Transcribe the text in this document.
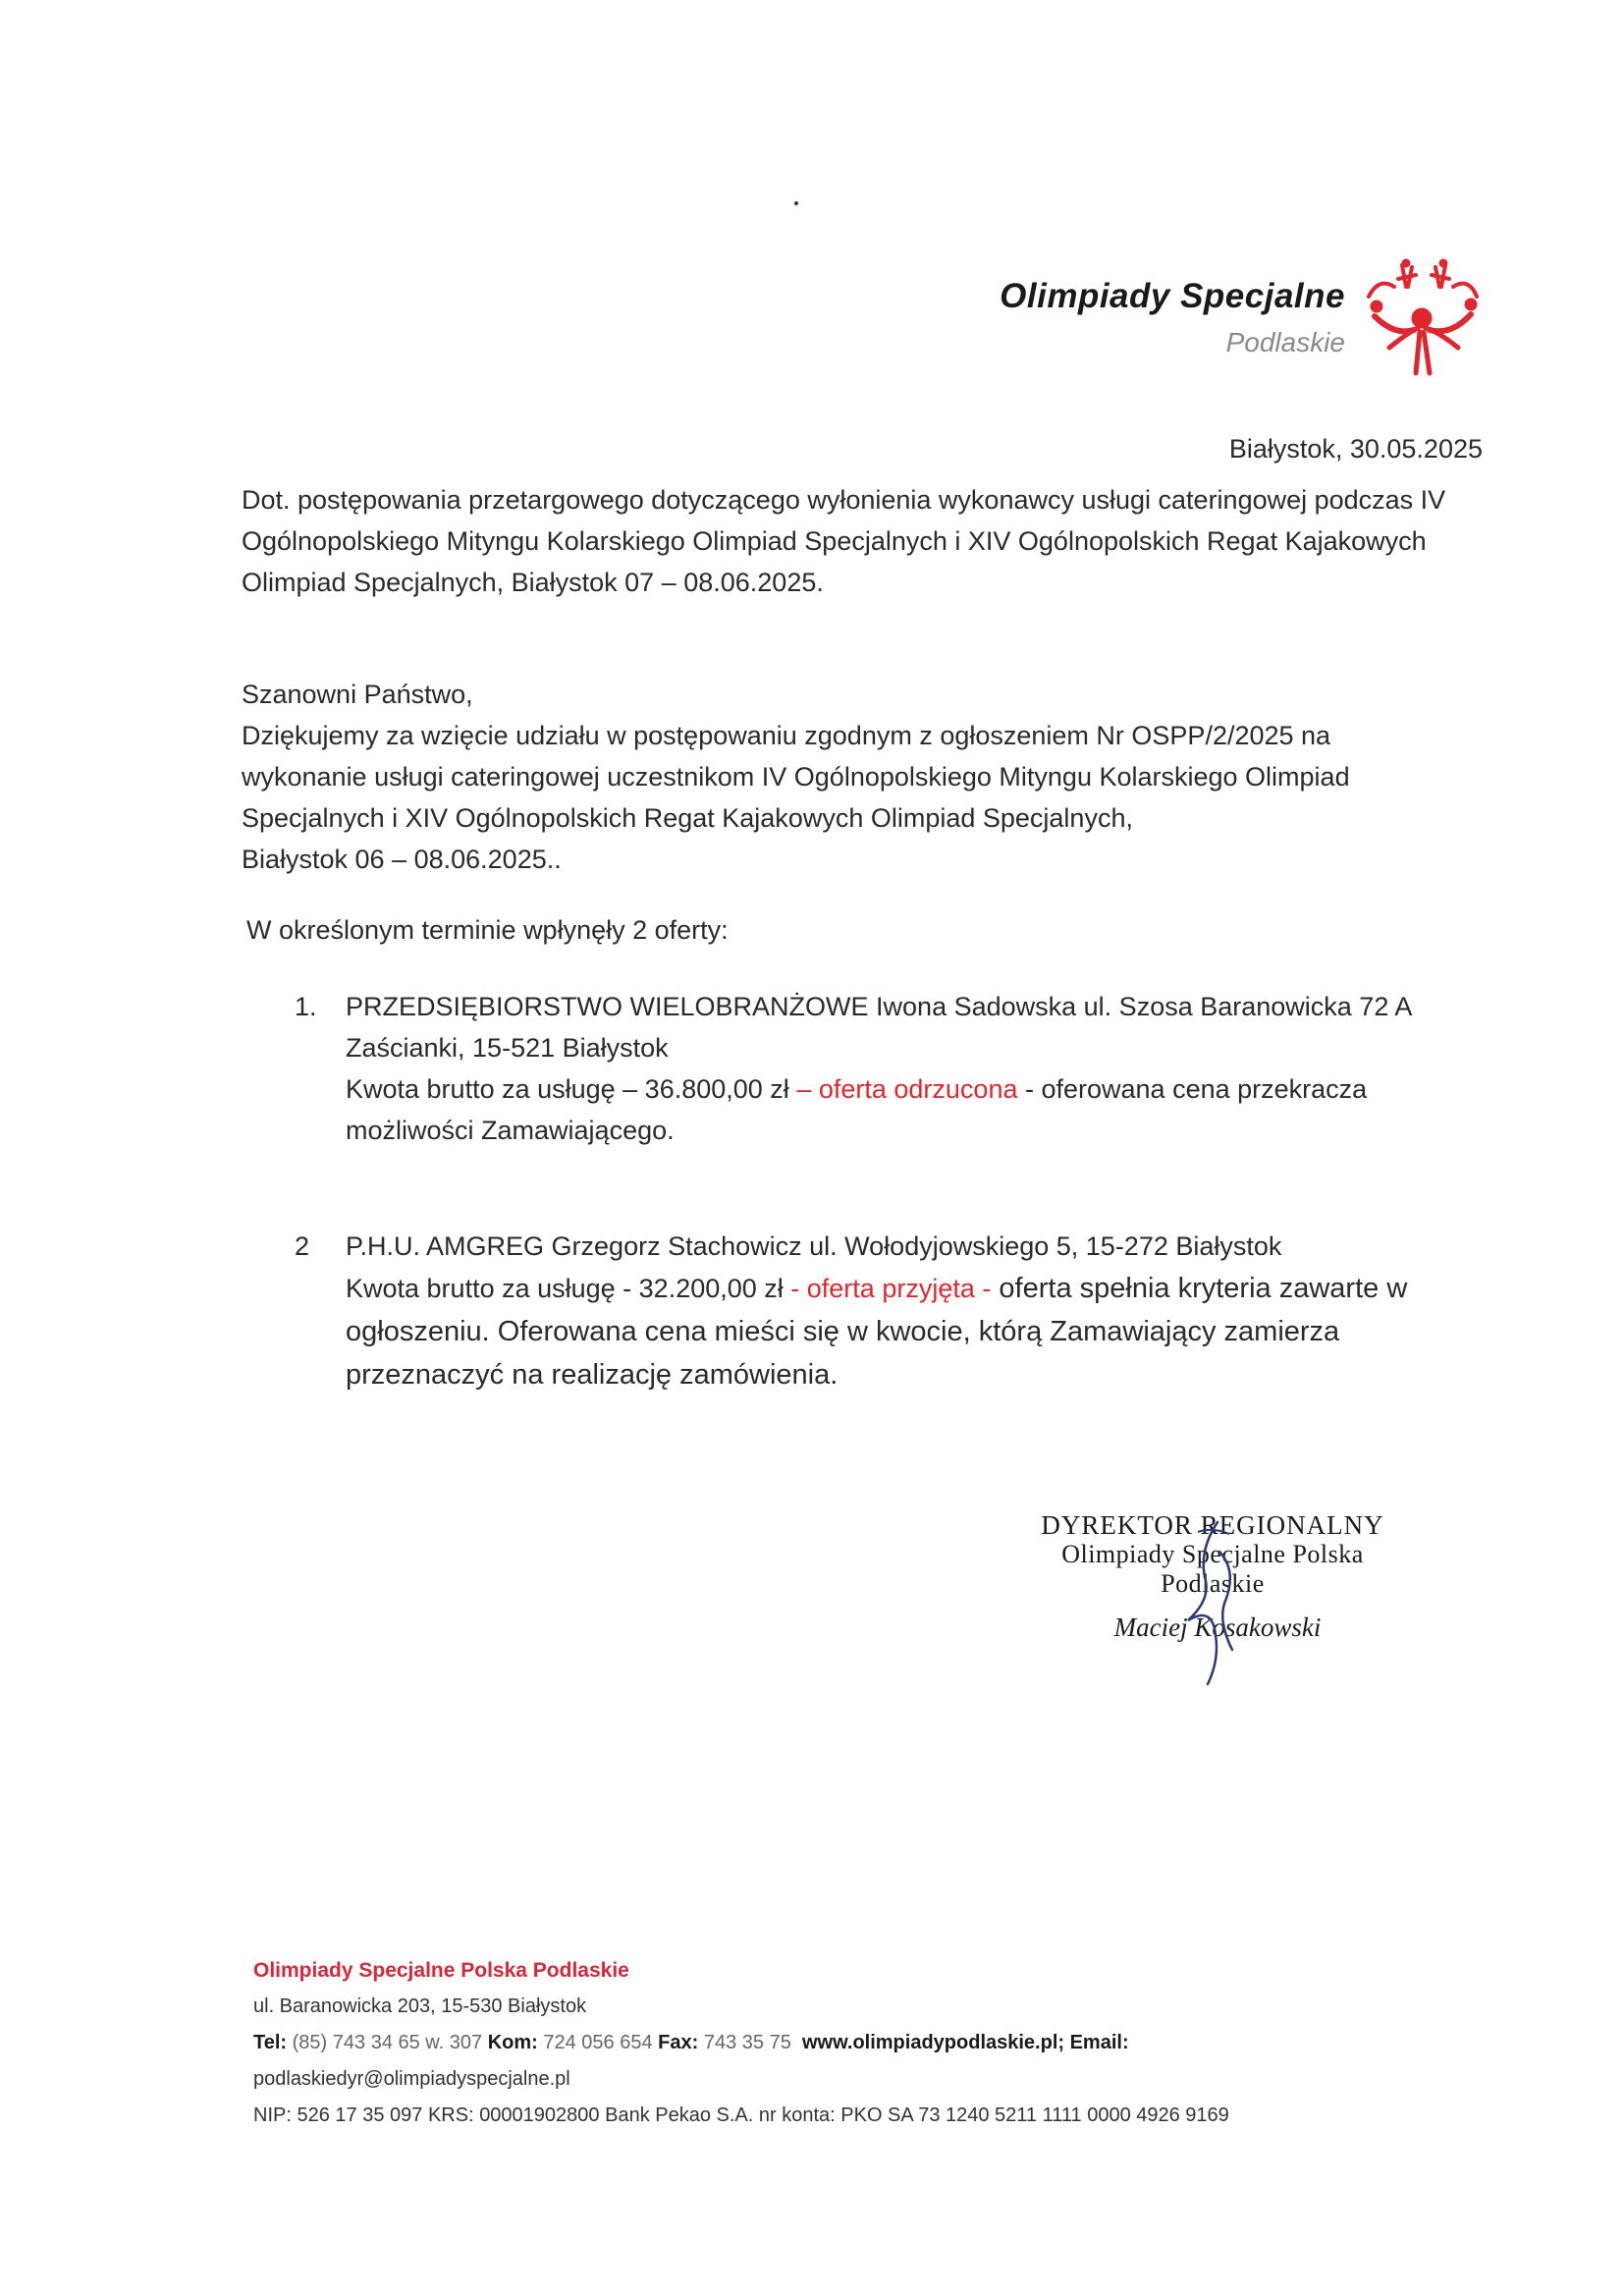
Olimpiady Specjalne
Podlaskie
Białystok, 30.05.2025
Dot. postępowania przetargowego dotyczącego wyłonienia wykonawcy usługi cateringowej podczas IV Ogólnopolskiego Mityngu Kolarskiego Olimpiad Specjalnych i XIV Ogólnopolskich Regat Kajakowych Olimpiad Specjalnych, Białystok 07 – 08.06.2025.
Szanowni Państwo,
Dziękujemy za wzięcie udziału w postępowaniu zgodnym z ogłoszeniem Nr OSPP/2/2025 na wykonanie usługi cateringowej uczestnikom IV Ogólnopolskiego Mityngu Kolarskiego Olimpiad Specjalnych i XIV Ogólnopolskich Regat Kajakowych Olimpiad Specjalnych,
Białystok 06 – 08.06.2025..
W określonym terminie wpłynęły 2 oferty:
1.	PRZEDSIĘBIORSTWO WIELOBRANŻOWE Iwona Sadowska ul. Szosa Baranowicka 72 A Zaścianki, 15-521 Białystok
Kwota brutto za usługę – 36.800,00 zł – oferta odrzucona - oferowana cena przekracza możliwości Zamawiającego.
2	P.H.U. AMGREG Grzegorz Stachowicz ul. Wołodyjowskiego 5, 15-272 Białystok
Kwota brutto za usługę - 32.200,00 zł - oferta przyjęta - oferta spełnia kryteria zawarte w ogłoszeniu. Oferowana cena mieści się w kwocie, którą Zamawiający zamierza przeznaczyć na realizację zamówienia.
DYREKTOR REGIONALNY
Olimpiady Specjalne Polska
Podlaskie
Maciej Kosakowski
Olimpiady Specjalne Polska Podlaskie
ul. Baranowicka 203, 15-530 Białystok
Tel: (85) 743 34 65 w. 307 Kom: 724 056 654 Fax: 743 35 75 www.olimpiadypodlaskie.pl; Email:
podlaskiedyr@olimpiadyspecjalne.pl
NIP: 526 17 35 097 KRS: 00001902800 Bank Pekao S.A. nr konta: PKO SA 73 1240 5211 1111 0000 4926 9169
